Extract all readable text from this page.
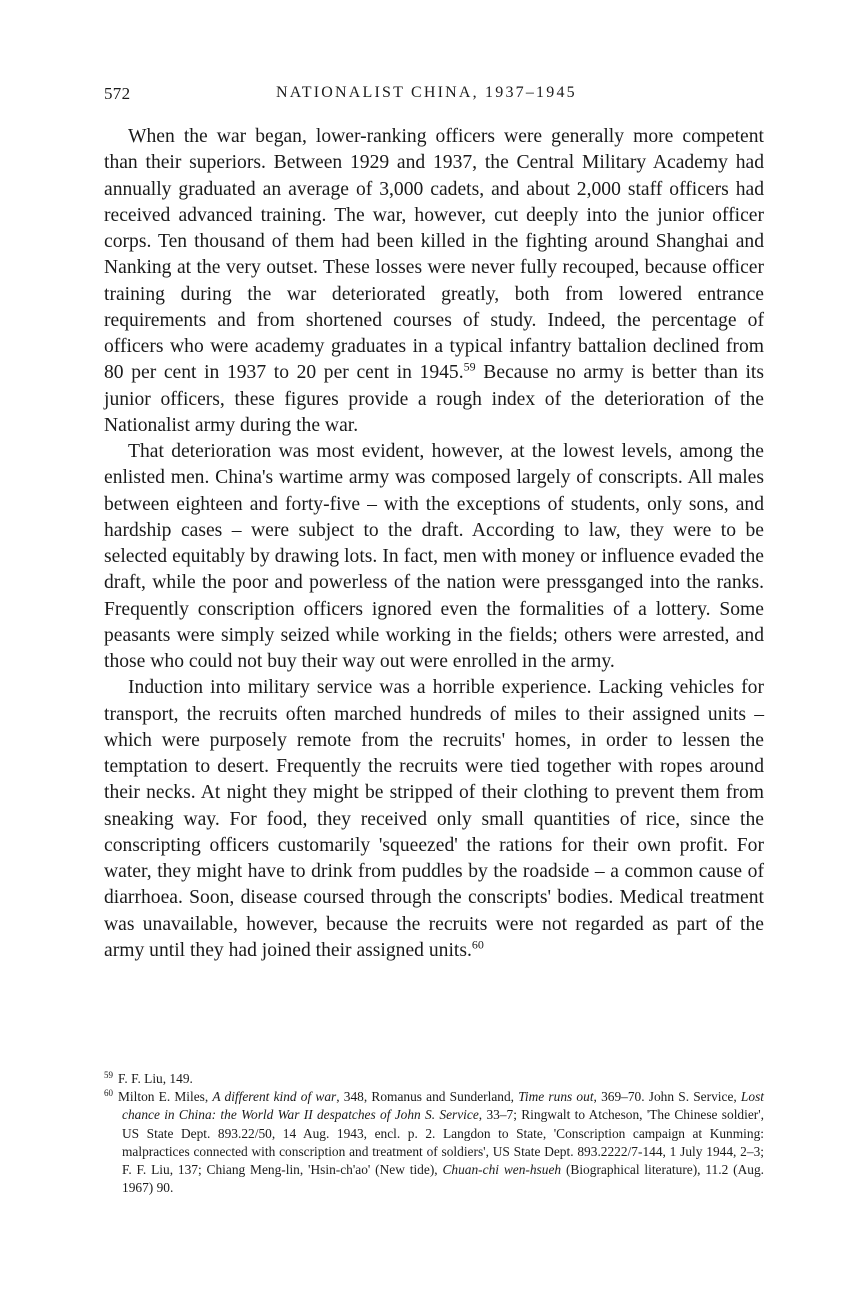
572	NATIONALIST CHINA, 1937–1945

When the war began, lower-ranking officers were generally more competent than their superiors. Between 1929 and 1937, the Central Military Academy had annually graduated an average of 3,000 cadets, and about 2,000 staff officers had received advanced training. The war, however, cut deeply into the junior officer corps. Ten thousand of them had been killed in the fighting around Shanghai and Nanking at the very outset. These losses were never fully recouped, because officer training during the war deteriorated greatly, both from lowered entrance requirements and from shortened courses of study. Indeed, the percentage of officers who were academy graduates in a typical infantry battalion declined from 80 per cent in 1937 to 20 per cent in 1945.59 Because no army is better than its junior officers, these figures provide a rough index of the deterioration of the Nationalist army during the war.

That deterioration was most evident, however, at the lowest levels, among the enlisted men. China's wartime army was composed largely of conscripts. All males between eighteen and forty-five – with the exceptions of students, only sons, and hardship cases – were subject to the draft. According to law, they were to be selected equitably by drawing lots. In fact, men with money or influence evaded the draft, while the poor and powerless of the nation were pressganged into the ranks. Frequently conscription officers ignored even the formalities of a lottery. Some peasants were simply seized while working in the fields; others were arrested, and those who could not buy their way out were enrolled in the army.

Induction into military service was a horrible experience. Lacking vehicles for transport, the recruits often marched hundreds of miles to their assigned units – which were purposely remote from the recruits' homes, in order to lessen the temptation to desert. Frequently the recruits were tied together with ropes around their necks. At night they might be stripped of their clothing to prevent them from sneaking way. For food, they received only small quantities of rice, since the conscripting officers customarily 'squeezed' the rations for their own profit. For water, they might have to drink from puddles by the roadside – a common cause of diarrhoea. Soon, disease coursed through the conscripts' bodies. Medical treatment was unavailable, however, because the recruits were not regarded as part of the army until they had joined their assigned units.$^{60}$

$^{59}$ F. F. Liu, 149.

$^{60}$ Milton E. Miles, A different kind of war, 348, Romanus and Sunderland, Time runs out, 369–70. John S. Service, Lost chance in China: the World War II despatches of John S. Service, 33–7; Ringwalt to Atcheson, 'The Chinese soldier', US State Dept. 893.22/50, 14 Aug. 1943, encl. p. 2. Langdon to State, 'Conscription campaign at Kunming: malpractices connected with conscription and treatment of soldiers', US State Dept. 893.2222/7-144, 1 July 1944, 2–3; F. F. Liu, 137; Chiang Meng-lin, 'Hsin-ch'ao' (New tide), Chuan-chi wen-hsueh (Biographical literature), 11.2 (Aug. 1967) 90.
